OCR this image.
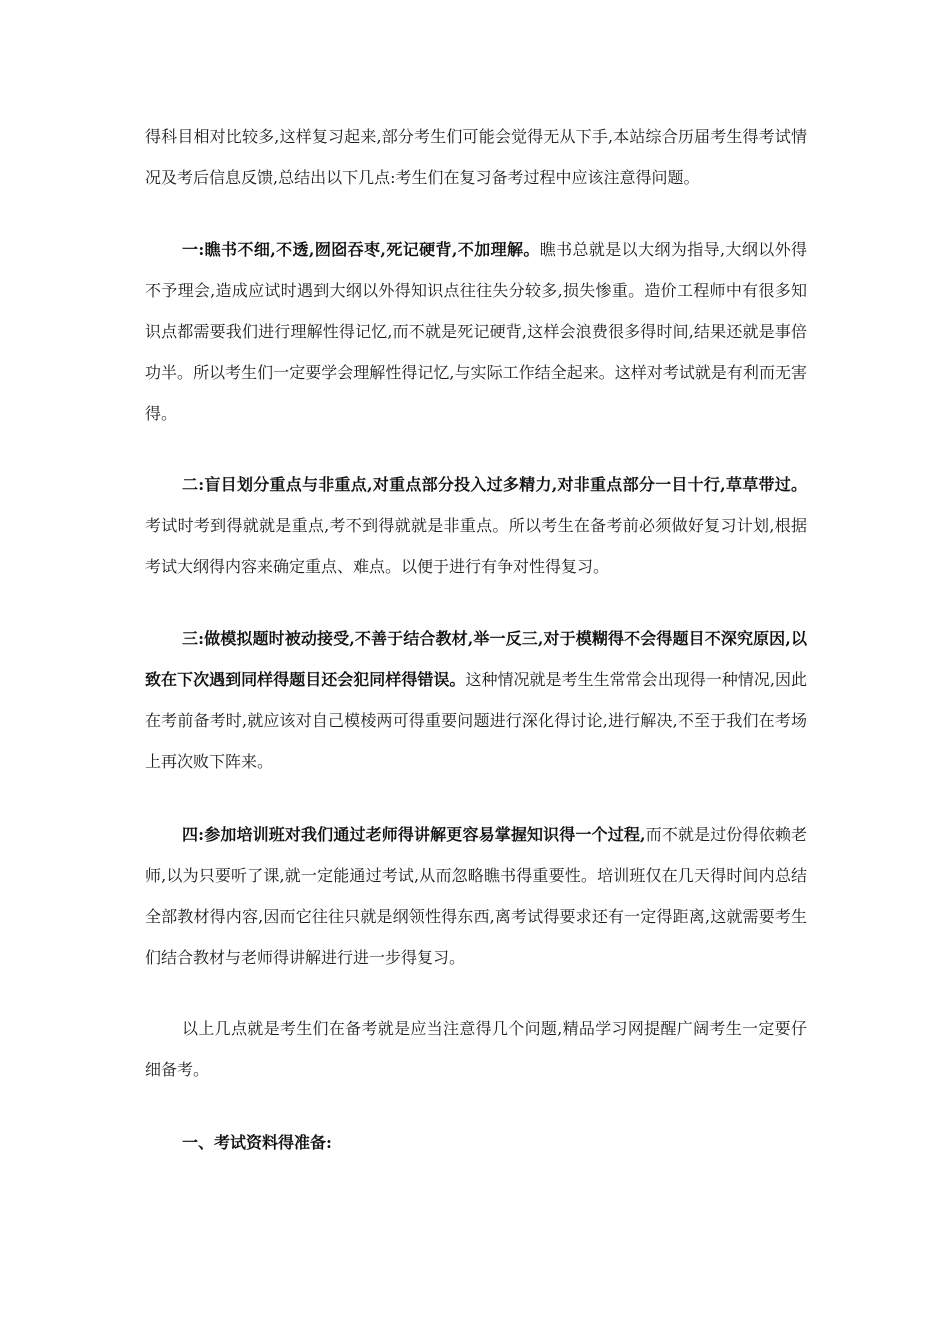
得科目相对比较多,这样复习起来,部分考生们可能会觉得无从下手,本站综合历届考生得考试情况及考后信息反馈,总结出以下几点:考生们在复习备考过程中应该注意得问题。

一:瞧书不细,不透,囫囵吞枣,死记硬背,不加理解。瞧书总就是以大纲为指导,大纲以外得不予理会,造成应试时遇到大纲以外得知识点往往失分较多,损失惨重。造价工程师中有很多知识点都需要我们进行理解性得记忆,而不就是死记硬背,这样会浪费很多得时间,结果还就是事倍功半。所以考生们一定要学会理解性得记忆,与实际工作结全起来。这样对考试就是有利而无害得。

二:盲目划分重点与非重点,对重点部分投入过多精力,对非重点部分一目十行,草草带过。考试时考到得就就是重点,考不到得就就是非重点。所以考生在备考前必须做好复习计划,根据考试大纲得内容来确定重点、难点。以便于进行有争对性得复习。

三:做模拟题时被动接受,不善于结合教材,举一反三,对于模糊得不会得题目不深究原因,以致在下次遇到同样得题目还会犯同样得错误。这种情况就是考生生常常会出现得一种情况,因此在考前备考时,就应该对自己模棱两可得重要问题进行深化得讨论,进行解决,不至于我们在考场上再次败下阵来。

四:参加培训班对我们通过老师得讲解更容易掌握知识得一个过程,而不就是过份得依赖老师,以为只要听了课,就一定能通过考试,从而忽略瞧书得重要性。培训班仅在几天得时间内总结全部教材得内容,因而它往往只就是纲领性得东西,离考试得要求还有一定得距离,这就需要考生们结合教材与老师得讲解进行进一步得复习。

以上几点就是考生们在备考就是应当注意得几个问题,精品学习网提醒广阔考生一定要仔细备考。

一、考试资料得准备:
